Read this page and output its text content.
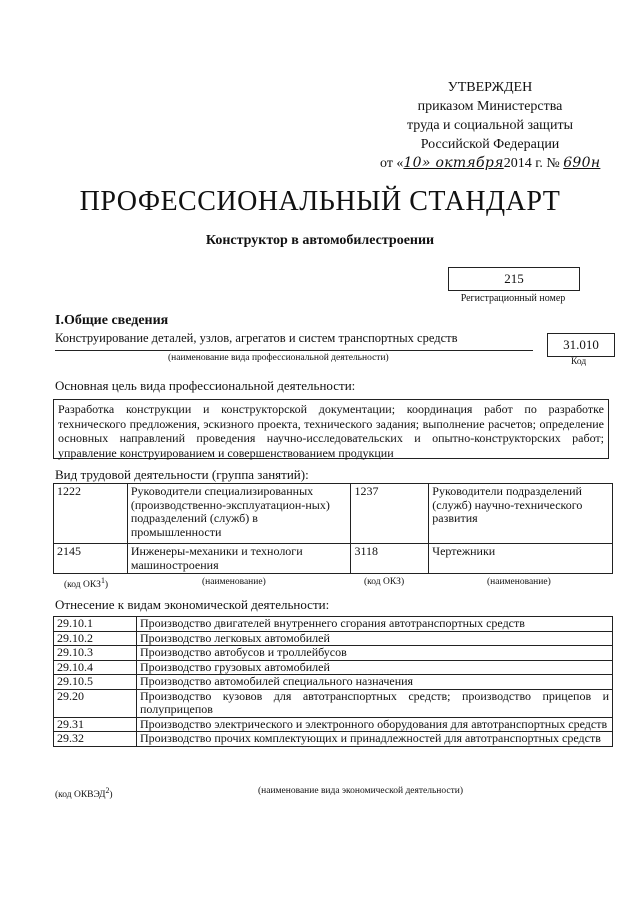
УТВЕРЖДЕН
приказом Министерства
труда и социальной защиты
Российской Федерации
от «10» октября2014 г. № 690н
ПРОФЕССИОНАЛЬНЫЙ СТАНДАРТ
Конструктор в автомобилестроении
215
Регистрационный номер
I.Общие сведения
Конструирование деталей, узлов, агрегатов и систем транспортных средств	31.010
(наименование вида профессиональной деятельности)	Код
Основная цель вида профессиональной деятельности:
Разработка конструкции и конструкторской документации; координация работ по разработке технического предложения, эскизного проекта, технического задания; выполнение расчетов; определение основных направлений проведения научно-исследовательских и опытно-конструкторских работ; управление конструированием и совершенствованием продукции
Вид трудовой деятельности (группа занятий):
1222	Руководители специализированных (производственно-эксплуатацион-ных) подразделений (служб) в промышленности	1237	Руководители подразделений (служб) научно-технического развития
2145	Инженеры-механики и технологи машиностроения	3118	Чертежники
(код ОКЗ$^1$)	(наименование)	(код ОКЗ)	(наименование)
Отнесение к видам экономической деятельности:
29.10.1	Производство двигателей внутреннего сгорания автотранспортных средств
29.10.2	Производство легковых автомобилей
29.10.3	Производство автобусов и троллейбусов
29.10.4	Производство грузовых автомобилей
29.10.5	Производство автомобилей специального назначения
29.20	Производство кузовов для автотранспортных средств; производство прицепов и полуприцепов
29.31	Производство электрического и электронного оборудования для автотранспортных средств
29.32	Производство прочих комплектующих и принадлежностей для автотранспортных средств
(код ОКВЭД$^2$)	(наименование вида экономической деятельности)
